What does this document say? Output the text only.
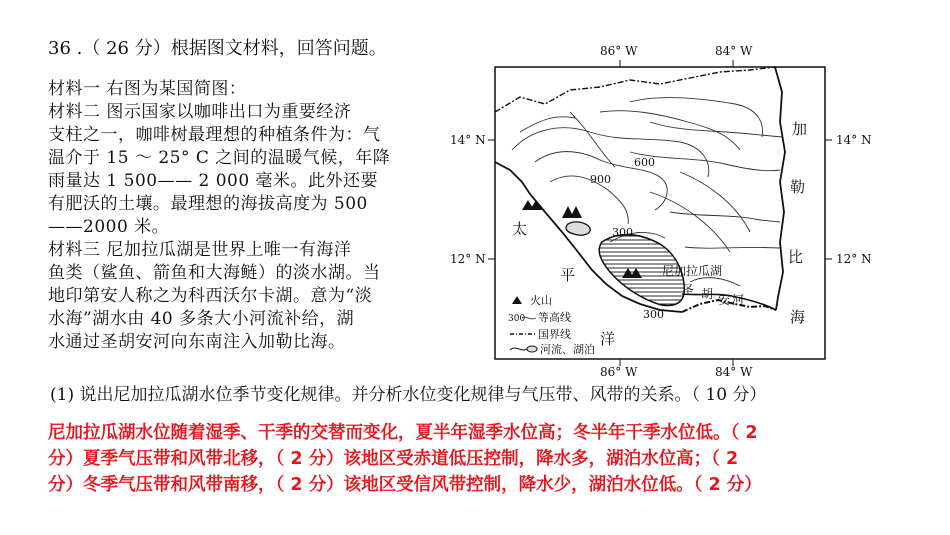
36 .（ 26 分）根据图文材料，回答问题。
材料一 右图为某国简图：
材料二 图示国家以咖啡出口为重要经济
支柱之一，咖啡树最理想的种植条件为：气
温介于 15 ～ 25° C 之间的温暖气候，年降
雨量达 1 500—— 2 000 毫米。此外还要
有肥沃的土壤。最理想的海拔高度为 500
——2000 米。
材料三 尼加拉瓜湖是世界上唯一有海洋
鱼类（鲨鱼、箭鱼和大海鲢）的淡水湖。当
地印第安人称之为科西沃尔卡湖。意为“淡
水海”湖水由 40 多条大小河流补给，湖
水通过圣胡安河向东南注入加勒比海。
86° W	84° W
86° W	84° W
14° N
12° N
14° N
12° N
900
600
300
300
加
勒
比
海
太
平
洋
尼加拉瓜湖
圣 胡 安 河
火山
300 等高线
国界线
河流、湖泊
(1) 说出尼加拉瓜湖水位季节变化规律。并分析水位变化规律与气压带、风带的关系。（ 10 分）
尼加拉瓜湖水位随着湿季、干季的交替而变化，夏半年湿季水位高；冬半年干季水位低。（ 2
分）夏季气压带和风带北移，（ 2 分）该地区受赤道低压控制，降水多，湖泊水位高；（ 2
分）冬季气压带和风带南移，（ 2 分）该地区受信风带控制，降水少，湖泊水位低。（ 2 分）
